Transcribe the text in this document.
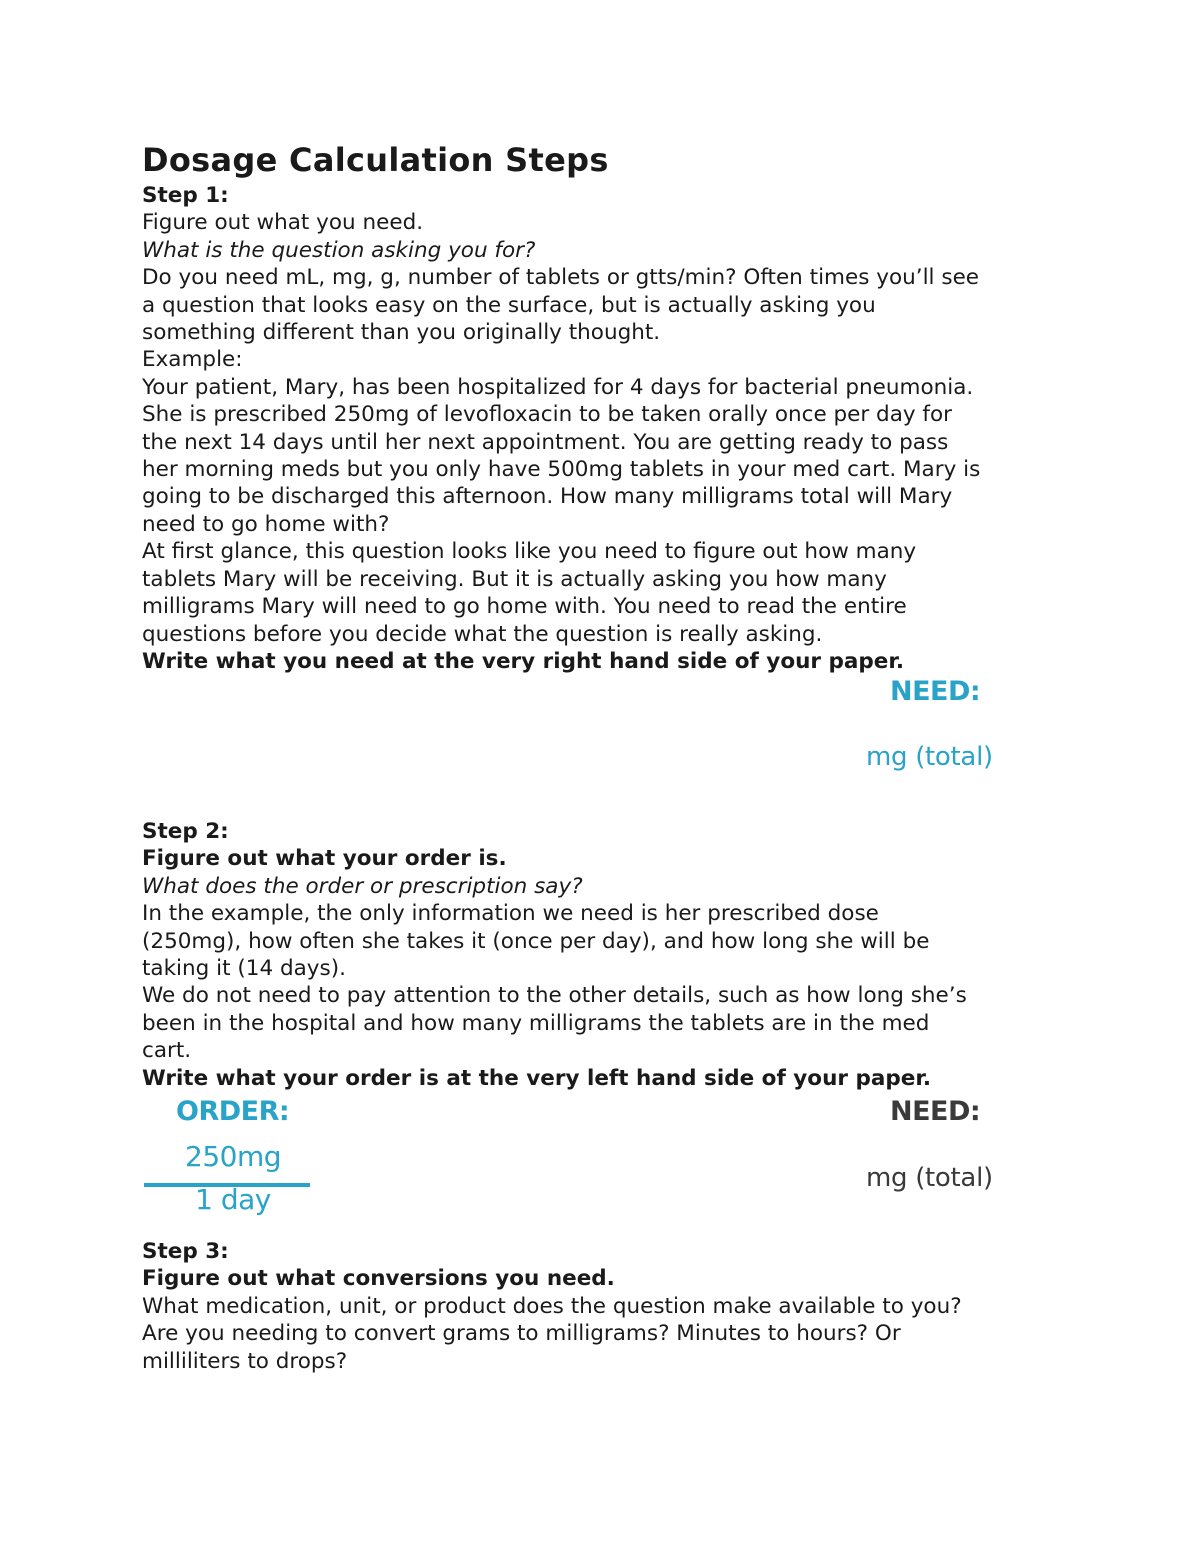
Dosage Calculation Steps

Step 1:

Figure out what you need.

What is the question asking you for?

Do you need mL, mg, g, number of tablets or gtts/min? Often times you’ll see

a question that looks easy on the surface, but is actually asking you

something different than you originally thought.

Example:

Your patient, Mary, has been hospitalized for 4 days for bacterial pneumonia.

She is prescribed 250mg of levofloxacin to be taken orally once per day for

the next 14 days until her next appointment. You are getting ready to pass

her morning meds but you only have 500mg tablets in your med cart. Mary is

going to be discharged this afternoon. How many milligrams total will Mary

need to go home with?

At first glance, this question looks like you need to figure out how many

tablets Mary will be receiving. But it is actually asking you how many

milligrams Mary will need to go home with. You need to read the entire

questions before you decide what the question is really asking.

Write what you need at the very right hand side of your paper.

NEED:
mg (total)

Step 2:

Figure out what your order is.

What does the order or prescription say?

In the example, the only information we need is her prescribed dose

(250mg), how often she takes it (once per day), and how long she will be

taking it (14 days).

We do not need to pay attention to the other details, such as how long she’s

been in the hospital and how many milligrams the tablets are in the med

cart.

Write what your order is at the very left hand side of your paper.

ORDER:
250mg
1 day
NEED:
mg (total)

Step 3:

Figure out what conversions you need.

What medication, unit, or product does the question make available to you?

Are you needing to convert grams to milligrams? Minutes to hours? Or

milliliters to drops?
